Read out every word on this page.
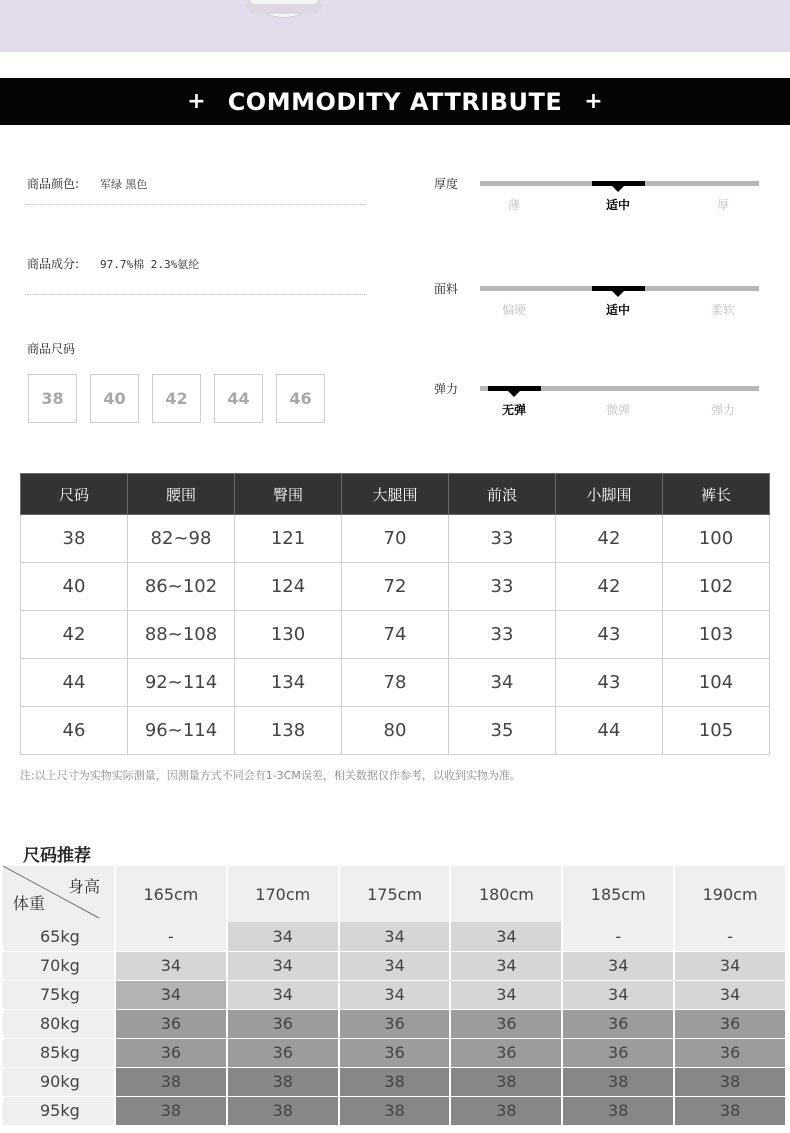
+ COMMODITY ATTRIBUTE +
商品颜色: 军绿 黑色
商品成分: 97.7%棉 2.3%氨纶
商品尺码
38	40	42	44	46
厚度
薄	适中	厚
面料
偏硬	适中	柔软
弹力
无弹	微弹	弹力
尺码	腰围	臀围	大腿围	前浪	小脚围	裤长
38	82~98	121	70	33	42	100
40	86~102	124	72	33	42	102
42	88~108	130	74	33	43	103
44	92~114	134	78	34	43	104
46	96~114	138	80	35	44	105
注:以上尺寸为实物实际测量，因测量方式不同会有1-3CM误差，相关数据仅作参考，以收到实物为准。
尺码推荐
身高
体重	165cm	170cm	175cm	180cm	185cm	190cm
65kg	-	34	34	34	-	-
70kg	34	34	34	34	34	34
75kg	34	34	34	34	34	34
80kg	36	36	36	36	36	36
85kg	36	36	36	36	36	36
90kg	38	38	38	38	38	38
95kg	38	38	38	38	38	38
